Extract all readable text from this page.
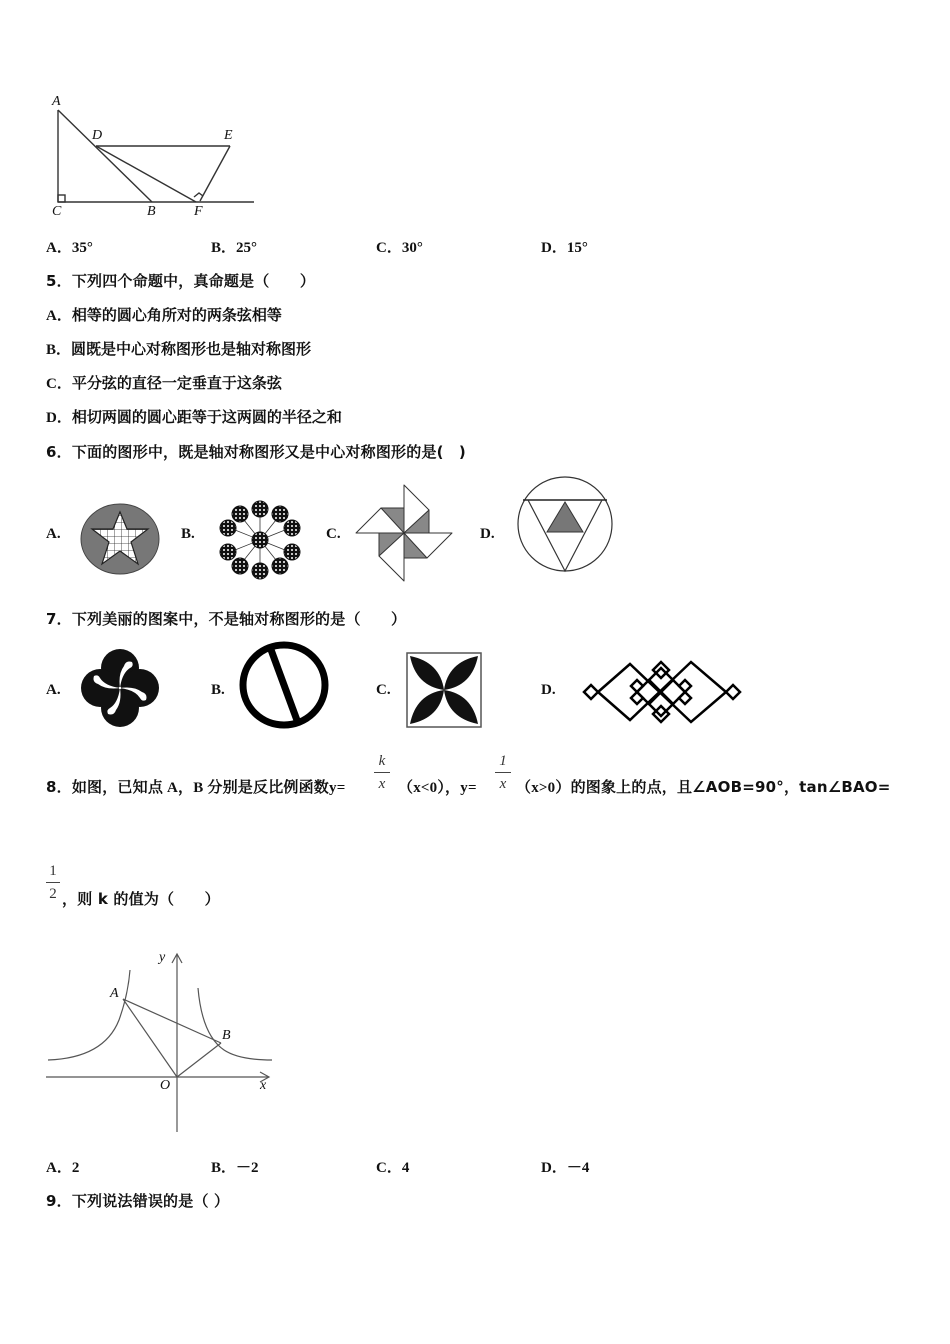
A
D	E
C	B	F
A．35°	B．25°	C．30°	D．15°
5．下列四个命题中，真命题是（　　）
A．相等的圆心角所对的两条弦相等
B．圆既是中心对称图形也是轴对称图形
C．平分弦的直径一定垂直于这条弦
D．相切两圆的圆心距等于这两圆的半径之和
6．下面的图形中，既是轴对称图形又是中心对称图形的是(　)
A.	B.	C.	D.
7．下列美丽的图案中，不是轴对称图形的是（　　）
A.	B.	C.	D.
8．如图，已知点 A，B 分别是反比例函数y=
k
x （x<0），y=
1
x （x>0）的图象上的点，且∠AOB=90°，tan∠BAO=
1
2 ，则 k 的值为（　　）
y
x
A
B
O
A．2	B．－2	C．4	D．－4
9．下列说法错误的是（ ）
